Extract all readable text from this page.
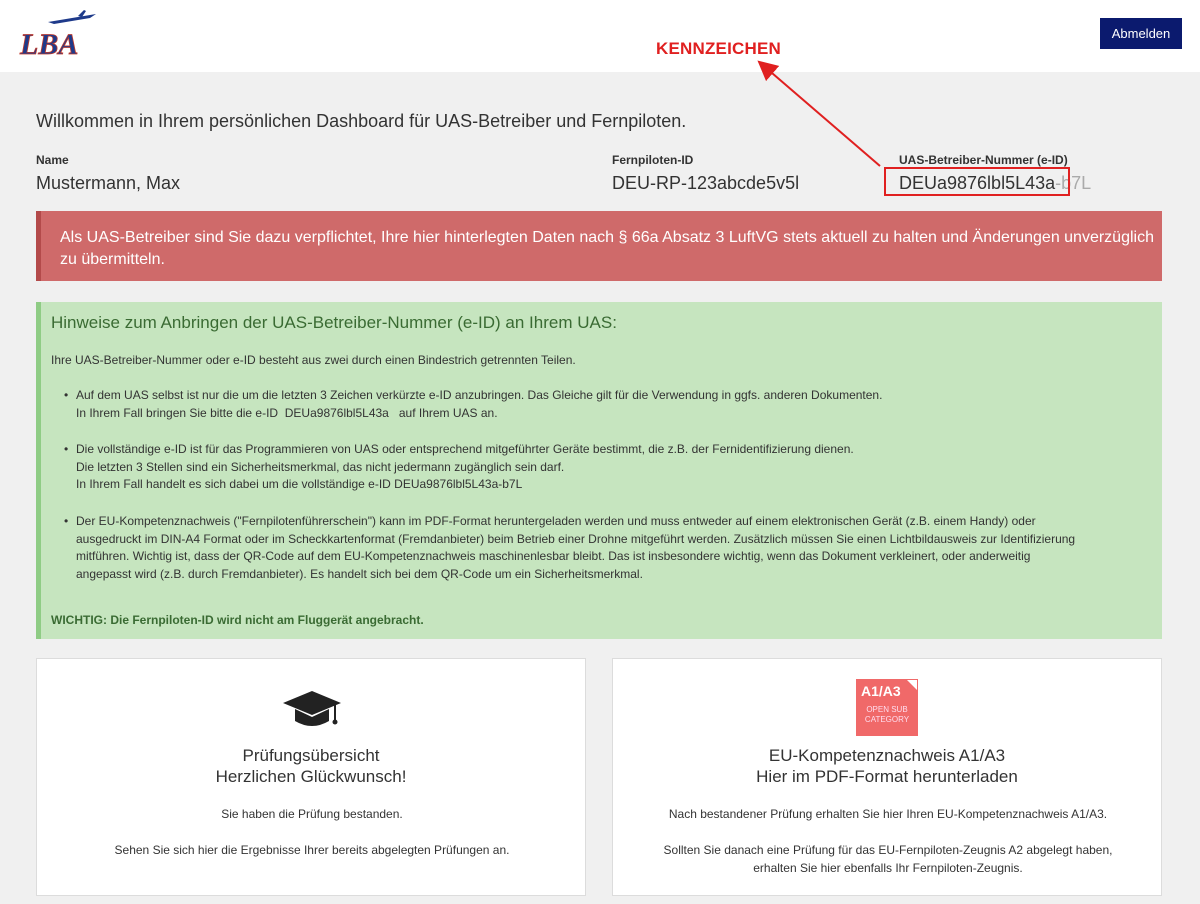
LBA	Abmelden
KENNZEICHEN
Willkommen in Ihrem persönlichen Dashboard für UAS-Betreiber und Fernpiloten.
Name
Mustermann, Max
Fernpiloten-ID
DEU-RP-123abcde5v5l
UAS-Betreiber-Nummer (e-ID)
DEUa9876lbl5L43a-b7L
Als UAS-Betreiber sind Sie dazu verpflichtet, Ihre hier hinterlegten Daten nach § 66a Absatz 3 LuftVG stets aktuell zu halten und Änderungen unverzüglich zu übermitteln.
Hinweise zum Anbringen der UAS-Betreiber-Nummer (e-ID) an Ihrem UAS:
Ihre UAS-Betreiber-Nummer oder e-ID besteht aus zwei durch einen Bindestrich getrennten Teilen.
• Auf dem UAS selbst ist nur die um die letzten 3 Zeichen verkürzte e-ID anzubringen. Das Gleiche gilt für die Verwendung in ggfs. anderen Dokumenten.
In Ihrem Fall bringen Sie bitte die e-ID  DEUa9876lbl5L43a   auf Ihrem UAS an.
• Die vollständige e-ID ist für das Programmieren von UAS oder entsprechend mitgeführter Geräte bestimmt, die z.B. der Fernidentifizierung dienen.
Die letzten 3 Stellen sind ein Sicherheitsmerkmal, das nicht jedermann zugänglich sein darf.
In Ihrem Fall handelt es sich dabei um die vollständige e-ID DEUa9876lbl5L43a-b7L
• Der EU-Kompetenznachweis ("Fernpilotenführerschein") kann im PDF-Format heruntergeladen werden und muss entweder auf einem elektronischen Gerät (z.B. einem Handy) oder
ausgedruckt im DIN-A4 Format oder im Scheckkartenformat (Fremdanbieter) beim Betrieb einer Drohne mitgeführt werden. Zusätzlich müssen Sie einen Lichtbildausweis zur Identifizierung
mitführen. Wichtig ist, dass der QR-Code auf dem EU-Kompetenznachweis maschinenlesbar bleibt. Das ist insbesondere wichtig, wenn das Dokument verkleinert, oder anderweitig
angepasst wird (z.B. durch Fremdanbieter). Es handelt sich bei dem QR-Code um ein Sicherheitsmerkmal.
WICHTIG: Die Fernpiloten-ID wird nicht am Fluggerät angebracht.
Prüfungsübersicht
Herzlichen Glückwunsch!
Sie haben die Prüfung bestanden.
Sehen Sie sich hier die Ergebnisse Ihrer bereits abgelegten Prüfungen an.
A1/A3
OPEN SUB
CATEGORY
EU-Kompetenznachweis A1/A3
Hier im PDF-Format herunterladen
Nach bestandener Prüfung erhalten Sie hier Ihren EU-Kompetenznachweis A1/A3.
Sollten Sie danach eine Prüfung für das EU-Fernpiloten-Zeugnis A2 abgelegt haben,
erhalten Sie hier ebenfalls Ihr Fernpiloten-Zeugnis.
